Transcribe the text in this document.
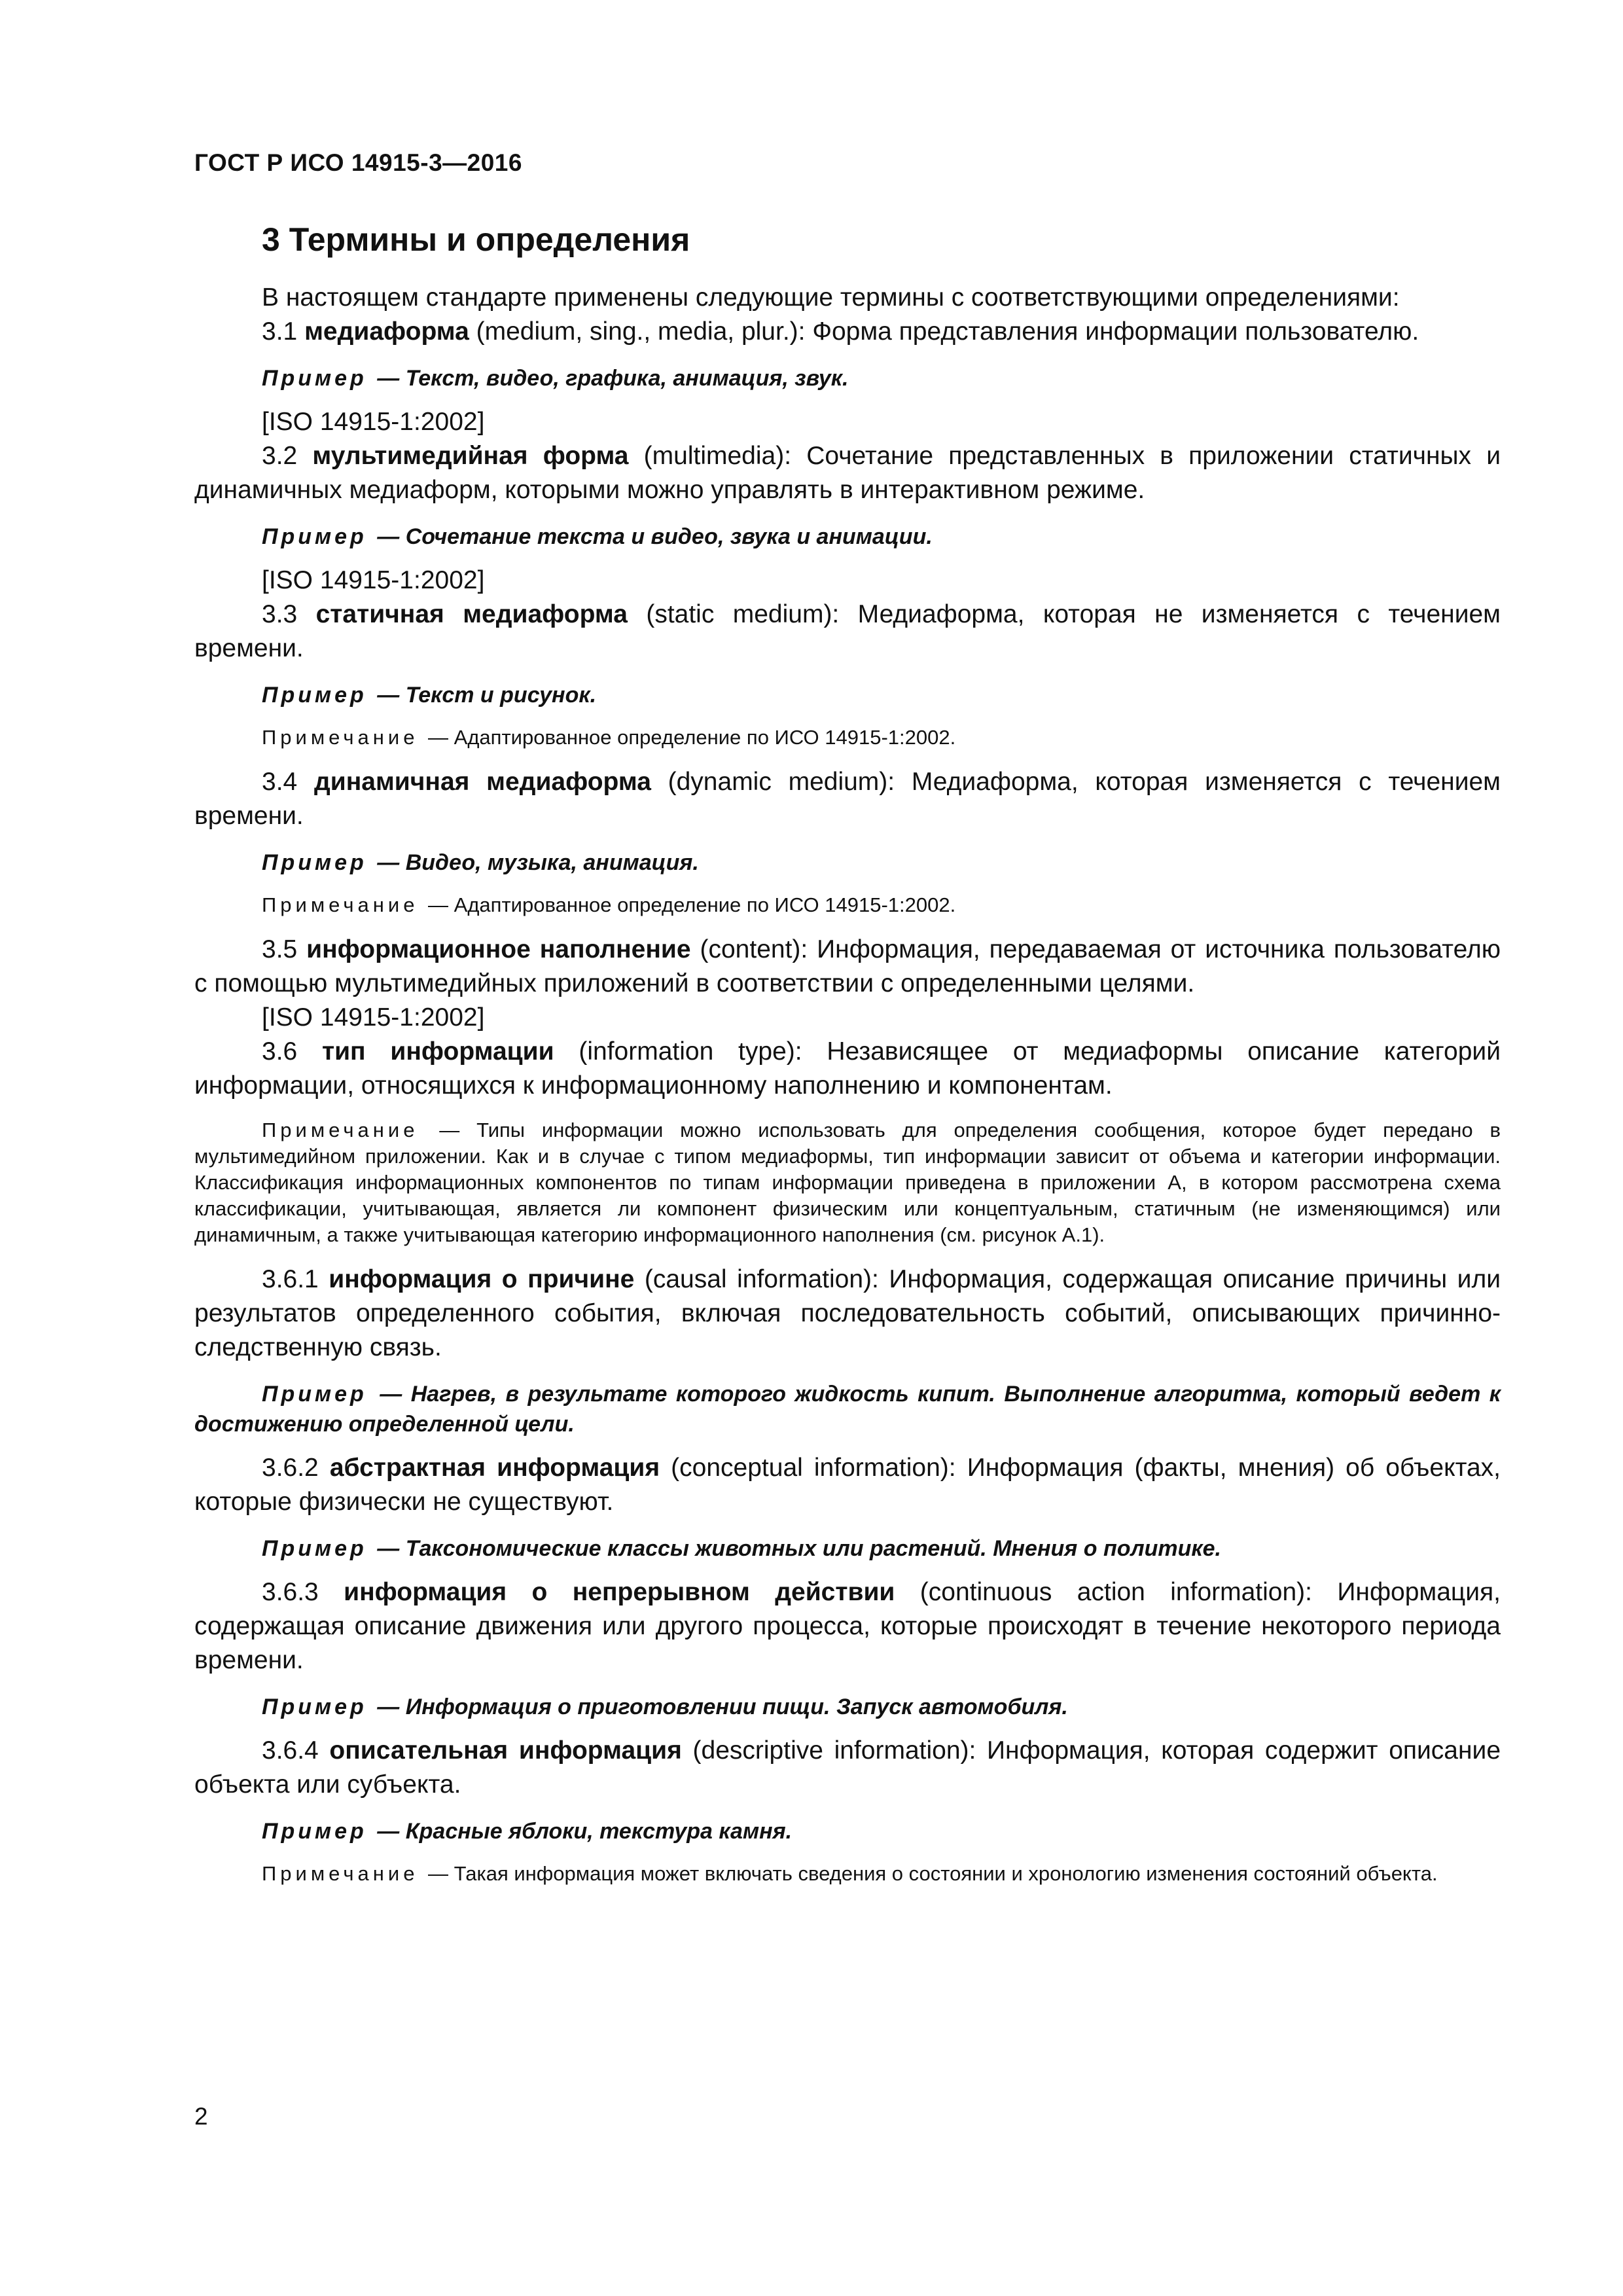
ГОСТ Р ИСО 14915-3—2016
3 Термины и определения

В настоящем стандарте применены следующие термины с соответствующими определениями:

3.1 медиаформа (medium, sing., media, plur.): Форма представления информации пользователю.

Пример — Текст, видео, графика, анимация, звук.

[ISO 14915-1:2002]

3.2 мультимедийная форма (multimedia): Сочетание представленных в приложении статичных и динамичных медиаформ, которыми можно управлять в интерактивном режиме.

Пример — Сочетание текста и видео, звука и анимации.

[ISO 14915-1:2002]

3.3 статичная медиаформа (static medium): Медиаформа, которая не изменяется с течением времени.

Пример — Текст и рисунок.

Примечание — Адаптированное определение по ИСО 14915-1:2002.

3.4 динамичная медиаформа (dynamic medium): Медиаформа, которая изменяется с течением времени.

Пример — Видео, музыка, анимация.

Примечание — Адаптированное определение по ИСО 14915-1:2002.

3.5 информационное наполнение (content): Информация, передаваемая от источника пользователю с помощью мультимедийных приложений в соответствии с определенными целями.

[ISO 14915-1:2002]

3.6 тип информации (information type): Независящее от медиаформы описание категорий информации, относящихся к информационному наполнению и компонентам.

Примечание — Типы информации можно использовать для определения сообщения, которое будет передано в мультимедийном приложении. Как и в случае с типом медиаформы, тип информации зависит от объема и категории информации. Классификация информационных компонентов по типам информации приведена в приложении А, в котором рассмотрена схема классификации, учитывающая, является ли компонент физическим или концептуальным, статичным (не изменяющимся) или динамичным, а также учитывающая категорию информационного наполнения (см. рисунок А.1).

3.6.1 информация о причине (causal information): Информация, содержащая описание причины или результатов определенного события, включая последовательность событий, описывающих причинно-следственную связь.

Пример — Нагрев, в результате которого жидкость кипит. Выполнение алгоритма, который ведет к достижению определенной цели.

3.6.2 абстрактная информация (conceptual information): Информация (факты, мнения) об объектах, которые физически не существуют.

Пример — Таксономические классы животных или растений. Мнения о политике.

3.6.3 информация о непрерывном действии (continuous action information): Информация, содержащая описание движения или другого процесса, которые происходят в течение некоторого периода времени.

Пример — Информация о приготовлении пищи. Запуск автомобиля.

3.6.4 описательная информация (descriptive information): Информация, которая содержит описание объекта или субъекта.

Пример — Красные яблоки, текстура камня.

Примечание — Такая информация может включать сведения о состоянии и хронологию изменения состояний объекта.

2
